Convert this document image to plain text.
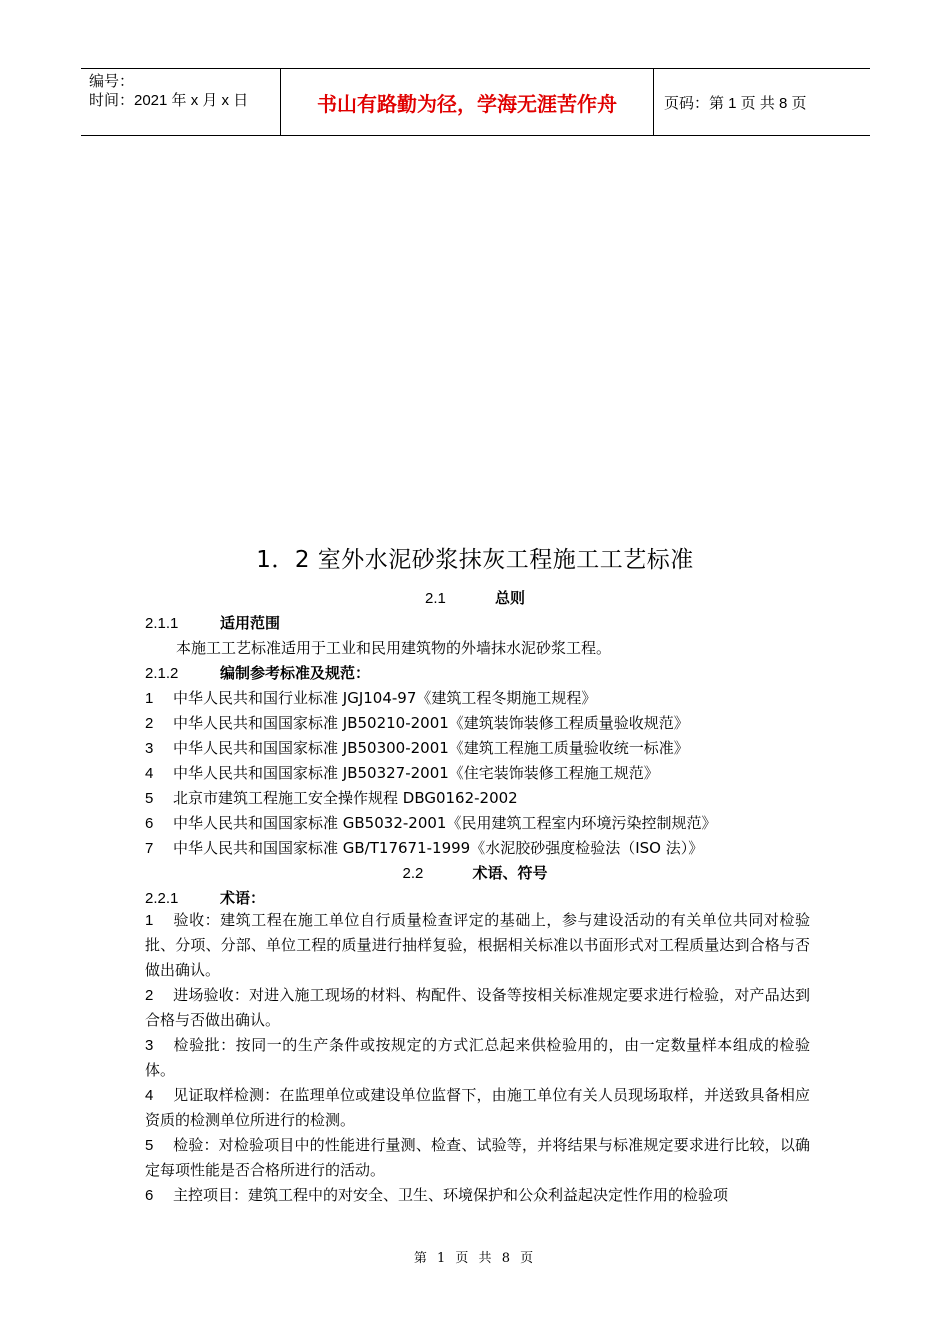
编号：
时间：2021 年 x 月 x 日	书山有路勤为径，学海无涯苦作舟	页码：第 1 页 共 8 页
1．2 室外水泥砂浆抹灰工程施工工艺标准
2.1	总则
2.1.1	适用范围
本施工工艺标准适用于工业和民用建筑物的外墙抹水泥砂浆工程。
2.1.2	编制参考标准及规范：
1 中华人民共和国行业标准 JGJ104-97《建筑工程冬期施工规程》
2 中华人民共和国国家标准 JB50210-2001《建筑装饰装修工程质量验收规范》
3 中华人民共和国国家标准 JB50300-2001《建筑工程施工质量验收统一标准》
4 中华人民共和国国家标准 JB50327-2001《住宅装饰装修工程施工规范》
5 北京市建筑工程施工安全操作规程 DBG0162-2002
6 中华人民共和国国家标准 GB5032-2001《民用建筑工程室内环境污染控制规范》
7 中华人民共和国国家标准 GB/T17671-1999《水泥胶砂强度检验法（ISO 法）》
2.2	术语、符号
2.2.1	术语：
1 验收：建筑工程在施工单位自行质量检查评定的基础上，参与建设活动的有关单位共同对检验批、分项、分部、单位工程的质量进行抽样复验，根据相关标准以书面形式对工程质量达到合格与否做出确认。
2 进场验收：对进入施工现场的材料、构配件、设备等按相关标准规定要求进行检验，对产品达到合格与否做出确认。
3 检验批：按同一的生产条件或按规定的方式汇总起来供检验用的，由一定数量样本组成的检验体。
4 见证取样检测：在监理单位或建设单位监督下，由施工单位有关人员现场取样，并送致具备相应资质的检测单位所进行的检测。
5 检验：对检验项目中的性能进行量测、检查、试验等，并将结果与标准规定要求进行比较，以确定每项性能是否合格所进行的活动。
6 主控项目：建筑工程中的对安全、卫生、环境保护和公众利益起决定性作用的检验项
第 1 页 共 8 页
